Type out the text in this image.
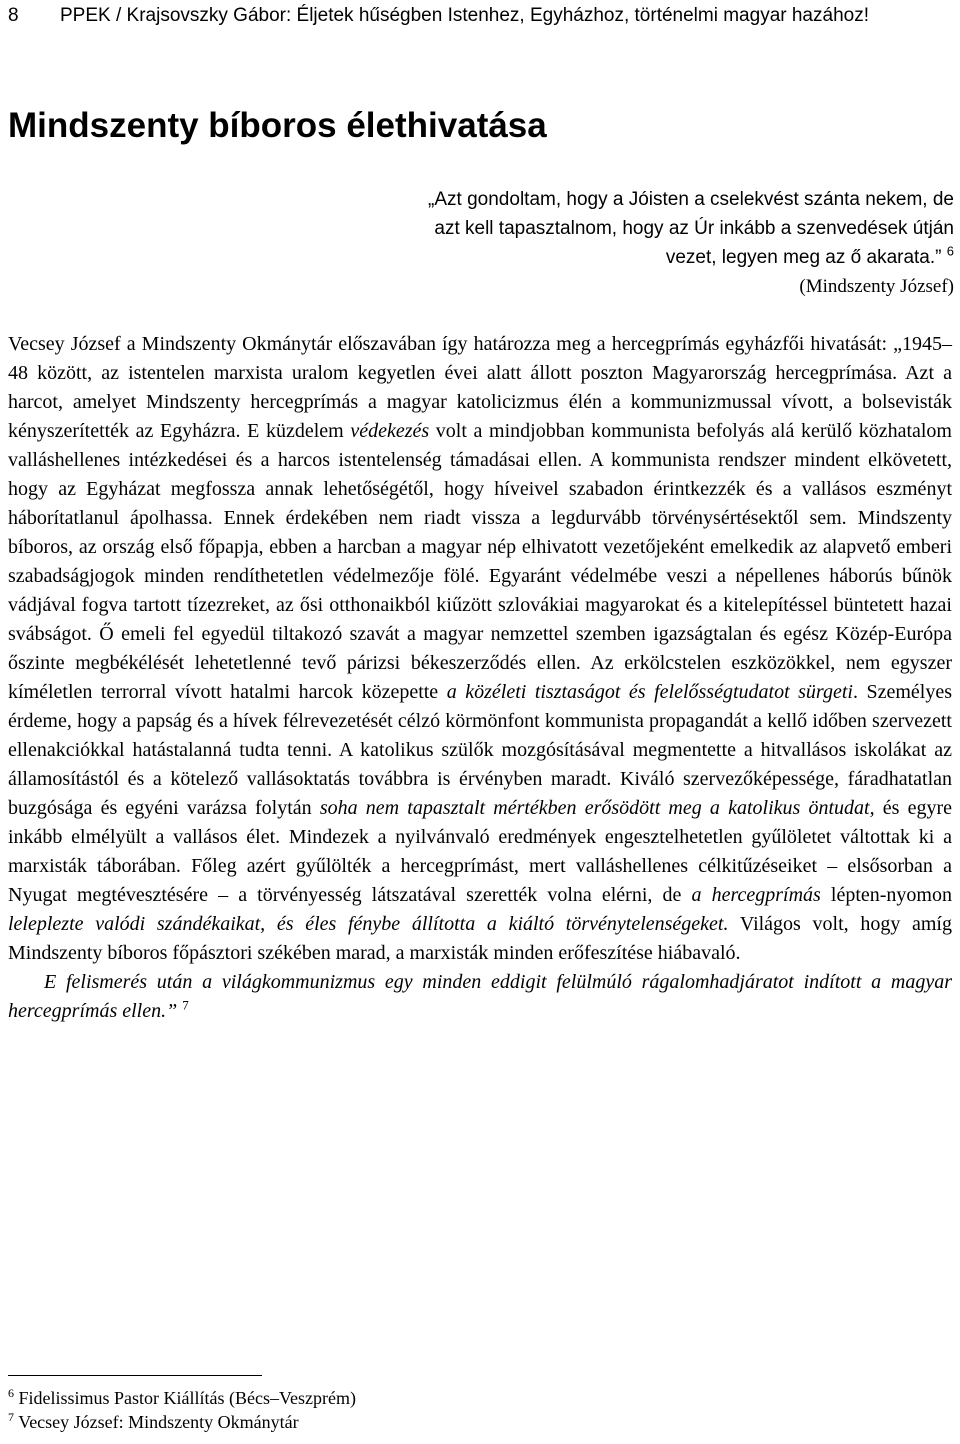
8 PPEK / Krajsovszky Gábor: Éljetek hűségben Istenhez, Egyházhoz, történelmi magyar hazához!
Mindszenty bíboros élethivatása
„Azt gondoltam, hogy a Jóisten a cselekvést szánta nekem, de
azt kell tapasztalnom, hogy az Úr inkább a szenvedések útján
vezet, legyen meg az ő akarata.” $^6$
(Mindszenty József)

Vecsey József a Mindszenty Okmánytár előszavában így határozza meg a hercegprímás egyházfői hivatását: „1945–48 között, az istentelen marxista uralom kegyetlen évei alatt állott poszton Magyarország hercegprímása. Azt a harcot, amelyet Mindszenty hercegprímás a magyar katolicizmus élén a kommunizmussal vívott, a bolsevisták kényszerítették az Egyházra. E küzdelem védekezés volt a mindjobban kommunista befolyás alá kerülő közhatalom valláshellenes intézkedései és a harcos istentelenség támadásai ellen. A kommunista rendszer mindent elkövetett, hogy az Egyházat megfossza annak lehetőségétől, hogy híveivel szabadon érintkezzék és a vallásos eszményt háborítatlanul ápolhassa. Ennek érdekében nem riadt vissza a legdurvább törvénysértésektől sem. Mindszenty bíboros, az ország első főpapja, ebben a harcban a magyar nép elhivatott vezetőjeként emelkedik az alapvető emberi szabadságjogok minden rendíthetetlen védelmezője fölé. Egyaránt védelmébe veszi a népellenes háborús bűnök vádjával fogva tartott tízezreket, az ősi otthonaikból kiűzött szlovákiai magyarokat és a kitelepítéssel büntetett hazai svábságot. Ő emeli fel egyedül tiltakozó szavát a magyar nemzettel szemben igazságtalan és egész Közép-Európa őszinte megbékélését lehetetlenné tevő párizsi békeszerződés ellen. Az erkölcstelen eszközökkel, nem egyszer kíméletlen terrorral vívott hatalmi harcok közepette a közéleti tisztaságot és felelősségtudatot sürgeti. Személyes érdeme, hogy a papság és a hívek félrevezetését célzó körmönfont kommunista propagandát a kellő időben szervezett ellenakciókkal hatástalanná tudta tenni. A katolikus szülők mozgósításával megmentette a hitvallásos iskolákat az államosítástól és a kötelező vallásoktatás továbbra is érvényben maradt. Kiváló szervezőképessége, fáradhatatlan buzgósága és egyéni varázsa folytán soha nem tapasztalt mértékben erősödött meg a katolikus öntudat, és egyre inkább elmélyült a vallásos élet. Mindezek a nyilvánvaló eredmények engesztelhetetlen gyűlöletet váltottak ki a marxisták táborában. Főleg azért gyűlölték a hercegprímást, mert valláshellenes célkitűzéseiket – elsősorban a Nyugat megtévesztésére – a törvényesség látszatával szerették volna elérni, de a hercegprímás lépten-nyomon leleplezte valódi szándékaikat, és éles fénybe állította a kiáltó törvénytelenségeket. Világos volt, hogy amíg Mindszenty bíboros főpásztori székében marad, a marxisták minden erőfeszítése hiábavaló.

E felismerés után a világkommunizmus egy minden eddigit felülmúló rágalomhadjáratot indított a magyar hercegprímás ellen.” $^7$

$^6$ Fidelissimus Pastor Kiállítás (Bécs–Veszprém)
$^7$ Vecsey József: Mindszenty Okmánytár
